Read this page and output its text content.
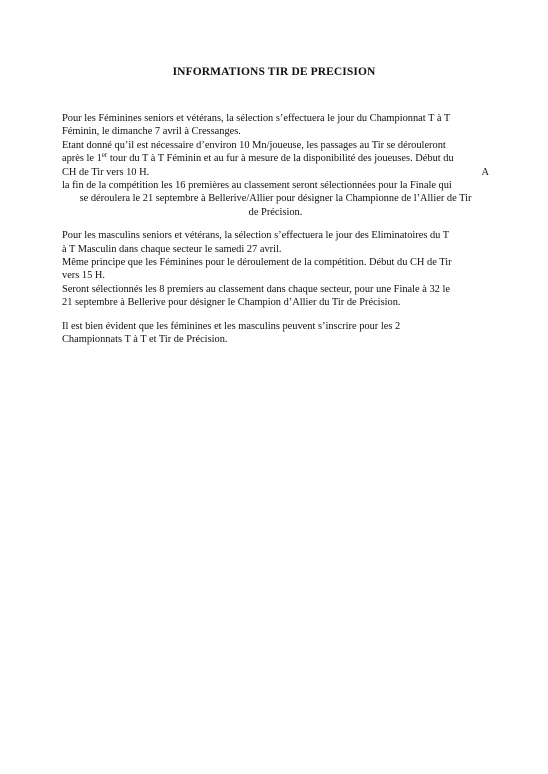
INFORMATIONS TIR DE PRECISION
Pour les Féminines seniors et vétérans, la sélection s’effectuera le jour du Championnat T à T
Féminin, le dimanche 7 avril à Cressanges.
Etant donné qu’il est nécessaire d’environ 10 Mn/joueuse, les passages au Tir se dérouleront
après le 1er tour du T à T Féminin et au fur à mesure de la disponibilité des joueuses. Début du
CH de Tir vers 10 H.	A
la fin de la compétition les 16 premières au classement seront sélectionnées pour la Finale qui
se déroulera le 21 septembre à Bellerive/Allier pour désigner la Championne de l’Allier de Tir
de Précision.
Pour les masculins seniors et vétérans, la sélection s’effectuera le jour des Eliminatoires du T
à T Masculin dans chaque secteur le samedi 27 avril.
Même principe que les Féminines pour le déroulement de la compétition. Début du CH de Tir
vers 15 H.
Seront sélectionnés les 8 premiers au classement dans chaque secteur, pour une Finale à 32 le
21 septembre à Bellerive pour désigner le Champion d’Allier du Tir de Précision.
Il est bien évident que les féminines et les masculins peuvent s’inscrire pour les 2
Championnats T à T et Tir de Précision.
